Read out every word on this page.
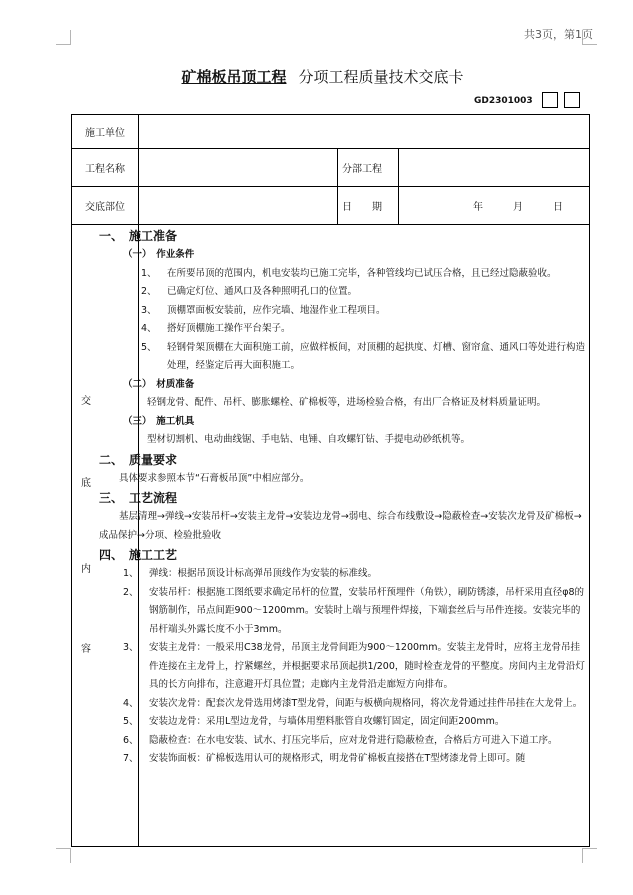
共3页，第1页
矿棉板吊顶工程 分项工程质量技术交底卡
GD2301003
施工单位			
工程名称		分部工程	
交底部位		日　　期	年　　　月　　　日

交
底
内
容

一、　施工准备

（一）　作业条件

1、	在所要吊顶的范围内，机电安装均已施工完毕，各种管线均已试压合格，且已经过隐蔽验收。
2、	已确定灯位、通风口及各种照明孔口的位置。
3、	顶棚罩面板安装前，应作完墙、地湿作业工程项目。
4、	搭好顶棚施工操作平台架子。
5、	轻钢骨架顶棚在大面积施工前，应做样板间，对顶棚的起拱度、灯槽、窗帘盒、通风口等处进行构造处理，经鉴定后再大面积施工。

（二）　材质准备

轻钢龙骨、配件、吊杆、膨胀螺栓、矿棉板等，进场检验合格，有出厂合格证及材料质量证明。

（三）　施工机具

型材切割机、电动曲线锯、手电钻、电锤、自攻螺钉钻、手提电动砂纸机等。

二、　质量要求

具体要求参照本节“石膏板吊顶”中相应部分。

三、　工艺流程

基层清理→弹线→安装吊杆→安装主龙骨→安装边龙骨→弱电、综合布线敷设→隐蔽检查→安装次龙骨及矿棉板→成品保护→分项、检验批验收

四、　施工工艺

1、	弹线：根据吊顶设计标高弹吊顶线作为安装的标准线。
2、	安装吊杆：根据施工图纸要求确定吊杆的位置，安装吊杆预埋件（角铁），刷防锈漆，吊杆采用直径φ8的钢筋制作，吊点间距900～1200mm。安装时上端与预埋件焊接，下端套丝后与吊件连接。安装完毕的吊杆端头外露长度不小于3mm。
3、	安装主龙骨：一般采用C38龙骨，吊顶主龙骨间距为900～1200mm。安装主龙骨时，应将主龙骨吊挂件连接在主龙骨上，拧紧螺丝，并根据要求吊顶起拱1/200，随时检查龙骨的平整度。房间内主龙骨沿灯具的长方向排布，注意避开灯具位置；走廊内主龙骨沿走廊短方向排布。
4、	安装次龙骨：配套次龙骨选用烤漆T型龙骨，间距与板横向规格同，将次龙骨通过挂件吊挂在大龙骨上。
5、	安装边龙骨：采用L型边龙骨，与墙体用塑料胀管自攻螺钉固定，固定间距200mm。
6、	隐蔽检查：在水电安装、试水、打压完毕后，应对龙骨进行隐蔽检查，合格后方可进入下道工序。
7、	安装饰面板：矿棉板选用认可的规格形式，明龙骨矿棉板直接搭在T型烤漆龙骨上即可。随
